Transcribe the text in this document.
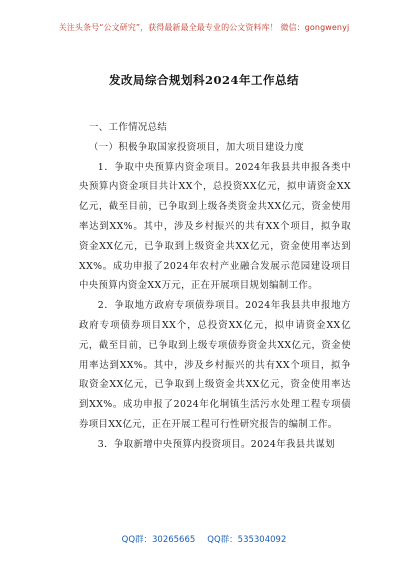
关注头条号“公文研究”，获得最新最全最专业的公文资料库！ 微信：gongwenyj
发改局综合规划科2024年工作总结

一、工作情况总结

（一）积极争取国家投资项目，加大项目建设力度

1．争取中央预算内资金项目。2024年我县共申报各类中央预算内资金项目共计XX个，总投资XX亿元，拟申请资金XX亿元，截至目前，已争取到上级各类资金共XX亿元，资金使用率达到XX%。其中，涉及乡村振兴的共有XX个项目，拟争取资金XX亿元，已争取到上级资金共XX亿元，资金使用率达到XX%。成功申报了2024年农村产业融合发展示范园建设项目中央预算内资金XX万元，正在开展项目规划编制工作。

2．争取地方政府专项债券项目。2024年我县共申报地方政府专项债券项目XX个，总投资XX亿元，拟申请资金XX亿元，截至目前，已争取到上级专项债券资金共XX亿元，资金使用率达到XX%。其中，涉及乡村振兴的共有XX个项目，拟争取资金XX亿元，已争取到上级资金共XX亿元，资金使用率达到XX%。成功申报了2024年化垌镇生活污水处理工程专项债券项目XX亿元，正在开展工程可行性研究报告的编制工作。

3．争取新增中央预算内投资项目。2024年我县共谋划

QQ群：30265665 QQ群：535304092
